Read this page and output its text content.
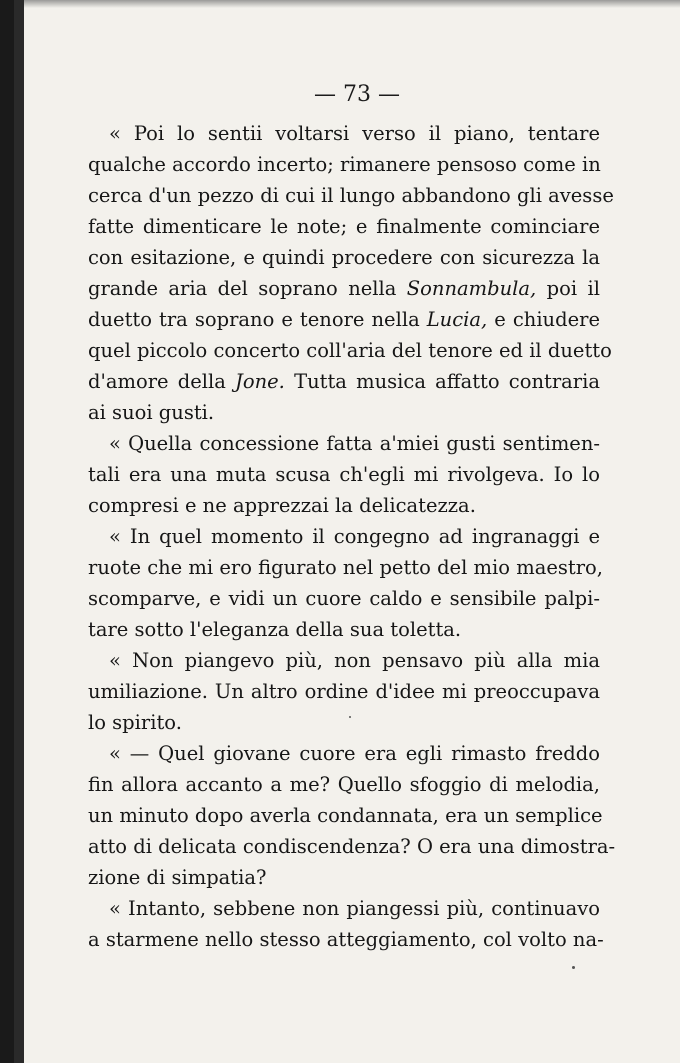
— 73 —
« Poi lo sentii voltarsi verso il piano, tentare
qualche accordo incerto; rimanere pensoso come in
cerca d'un pezzo di cui il lungo abbandono gli avesse
fatte dimenticare le note; e finalmente cominciare
con esitazione, e quindi procedere con sicurezza la
grande aria del soprano nella Sonnambula, poi il
duetto tra soprano e tenore nella Lucia, e chiudere
quel piccolo concerto coll'aria del tenore ed il duetto
d'amore della Jone. Tutta musica affatto contraria
ai suoi gusti.
« Quella concessione fatta a'miei gusti sentimen-
tali era una muta scusa ch'egli mi rivolgeva. Io lo
compresi e ne apprezzai la delicatezza.
« In quel momento il congegno ad ingranaggi e
ruote che mi ero figurato nel petto del mio maestro,
scomparve, e vidi un cuore caldo e sensibile palpi-
tare sotto l'eleganza della sua toletta.
« Non piangevo più, non pensavo più alla mia
umiliazione. Un altro ordine d'idee mi preoccupava
lo spirito.
« — Quel giovane cuore era egli rimasto freddo
fin allora accanto a me? Quello sfoggio di melodia,
un minuto dopo averla condannata, era un semplice
atto di delicata condiscendenza? O era una dimostra-
zione di simpatia?
« Intanto, sebbene non piangessi più, continuavo
a starmene nello stesso atteggiamento, col volto na-
